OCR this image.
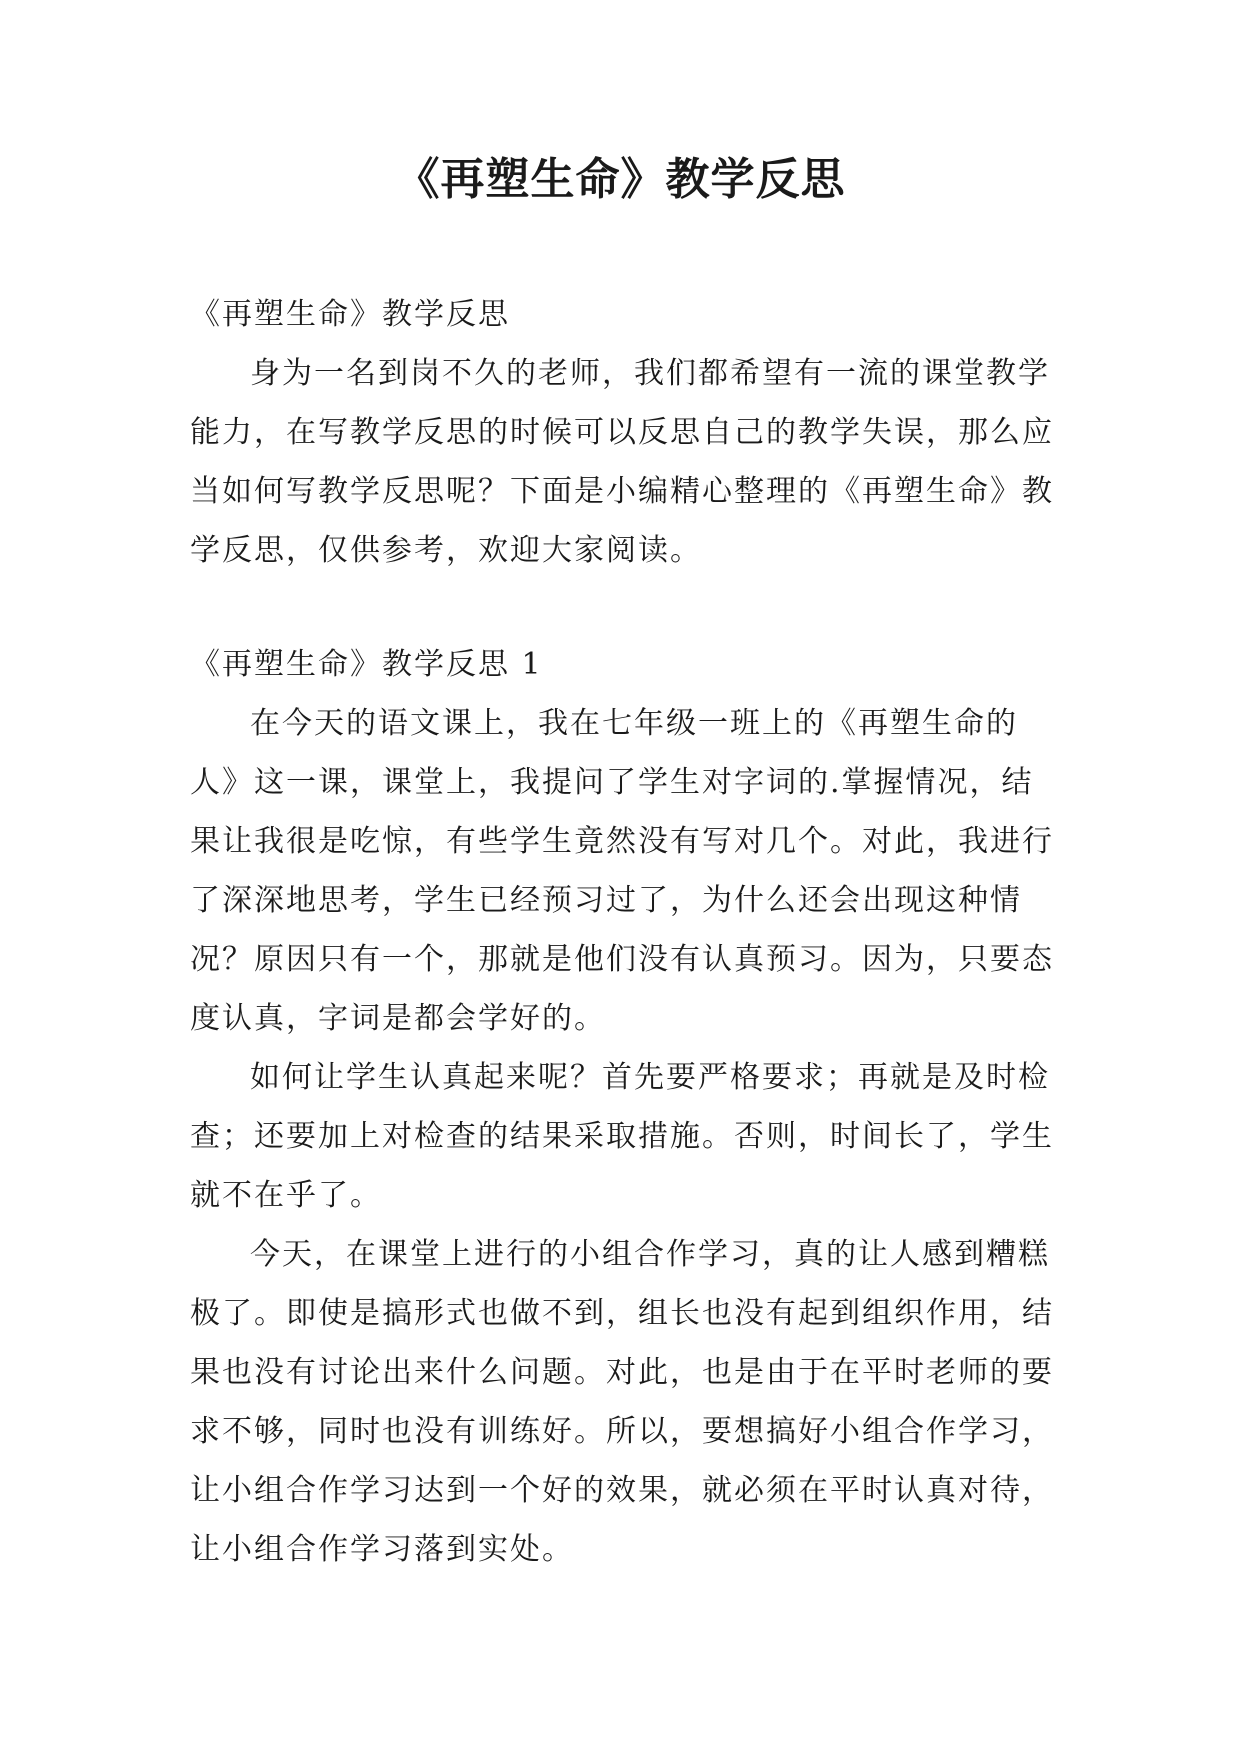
《再塑生命》教学反思

《再塑生命》教学反思

身为一名到岗不久的老师，我们都希望有一流的课堂教学能力，在写教学反思的时候可以反思自己的教学失误，那么应当如何写教学反思呢？下面是小编精心整理的《再塑生命》教学反思，仅供参考，欢迎大家阅读。

《再塑生命》教学反思 1

在今天的语文课上，我在七年级一班上的《再塑生命的人》这一课，课堂上，我提问了学生对字词的.掌握情况，结果让我很是吃惊，有些学生竟然没有写对几个。对此，我进行了深深地思考，学生已经预习过了，为什么还会出现这种情况？原因只有一个，那就是他们没有认真预习。因为，只要态度认真，字词是都会学好的。

如何让学生认真起来呢？首先要严格要求；再就是及时检查；还要加上对检查的结果采取措施。否则，时间长了，学生就不在乎了。

今天，在课堂上进行的小组合作学习，真的让人感到糟糕极了。即使是搞形式也做不到，组长也没有起到组织作用，结果也没有讨论出来什么问题。对此，也是由于在平时老师的要求不够，同时也没有训练好。所以，要想搞好小组合作学习，让小组合作学习达到一个好的效果，就必须在平时认真对待，让小组合作学习落到实处。
